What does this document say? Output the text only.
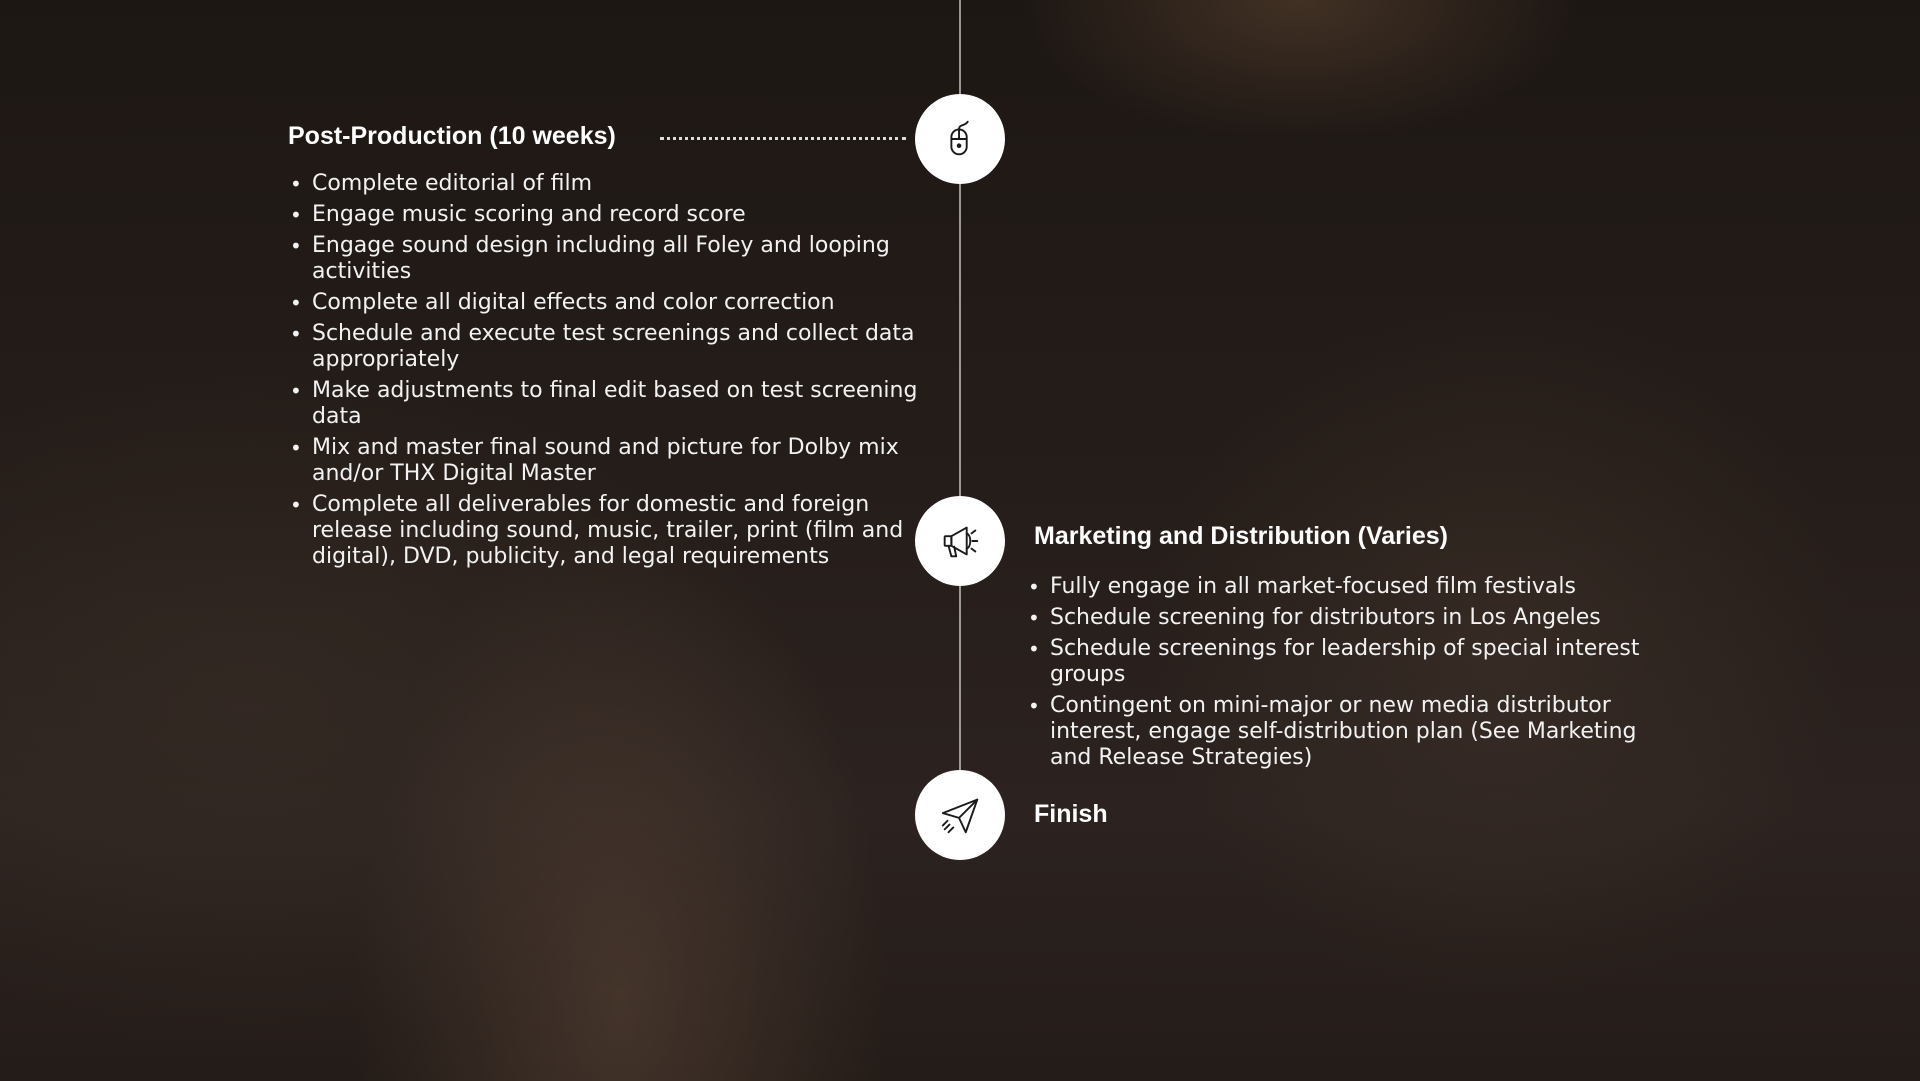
Post-Production (10 weeks)
• Complete editorial of film
• Engage music scoring and record score
• Engage sound design including all Foley and looping activities
• Complete all digital effects and color correction
• Schedule and execute test screenings and collect data appropriately
• Make adjustments to final edit based on test screening data
• Mix and master final sound and picture for Dolby mix and/or THX Digital Master
• Complete all deliverables for domestic and foreign release including sound, music, trailer, print (film and digital), DVD, publicity, and legal requirements
Marketing and Distribution (Varies)
• Fully engage in all market-focused film festivals
• Schedule screening for distributors in Los Angeles
• Schedule screenings for leadership of special interest groups
• Contingent on mini-major or new media distributor interest, engage self-distribution plan (See Marketing and Release Strategies)
Finish
